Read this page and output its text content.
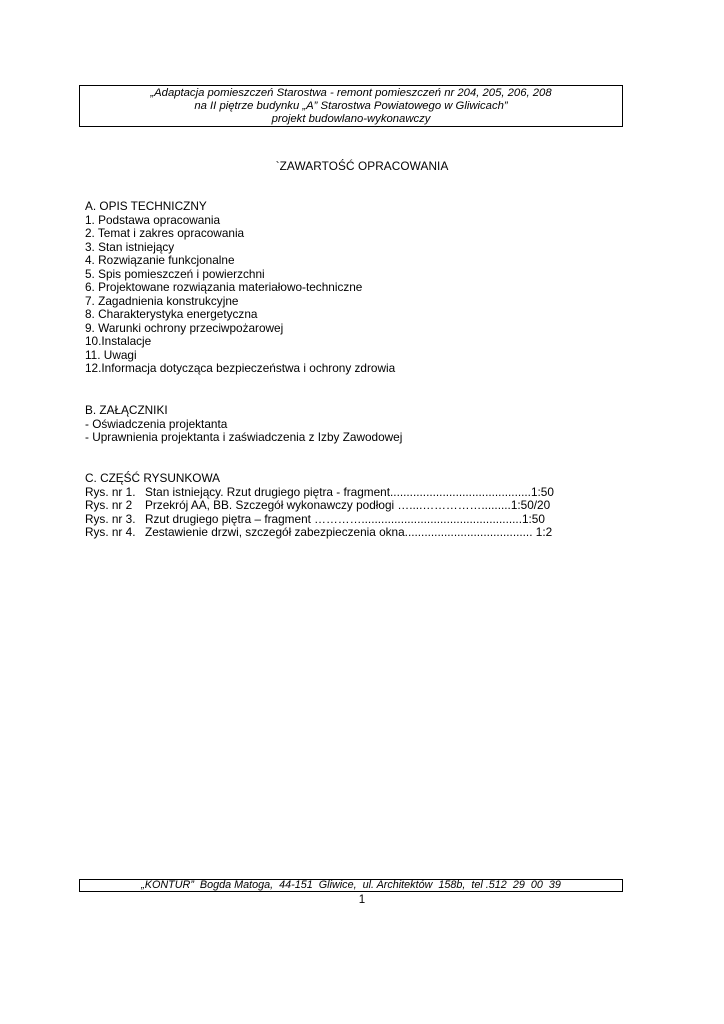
„Adaptacja pomieszczeń Starostwa - remont pomieszczeń nr 204, 205, 206, 208
na II piętrze budynku „A” Starostwa Powiatowego w Gliwicach”
projekt budowlano-wykonawczy
`ZAWARTOŚĆ OPRACOWANIA
A. OPIS TECHNICZNY
1. Podstawa opracowania
2. Temat i zakres opracowania
3. Stan istniejący
4. Rozwiązanie funkcjonalne
5. Spis pomieszczeń i powierzchni
6. Projektowane rozwiązania materiałowo-techniczne
7. Zagadnienia konstrukcyjne
8. Charakterystyka energetyczna
9. Warunki ochrony przeciwpożarowej
10.Instalacje
11. Uwagi
12.Informacja dotycząca bezpieczeństwa i ochrony zdrowia
B. ZAŁĄCZNIKI
- Oświadczenia projektanta
- Uprawnienia projektanta i zaświadczenia z Izby Zawodowej
C. CZĘŚĆ RYSUNKOWA
Rys. nr 1. Stan istniejący. Rzut drugiego piętra - fragment...........................................1:50
Rys. nr 2	Przekrój AA, BB. Szczegół wykonawczy podłogi …....…………….........1:50/20
Rys. nr 3. Rzut drugiego piętra – fragment ………….................................................1:50
Rys. nr 4. Zestawienie drzwi, szczegół zabezpieczenia okna....................................... 1:2
„KONTUR”  Bogda Matoga,  44-151  Gliwice,  ul. Architektów  158b,  tel .512  29  00  39
1
